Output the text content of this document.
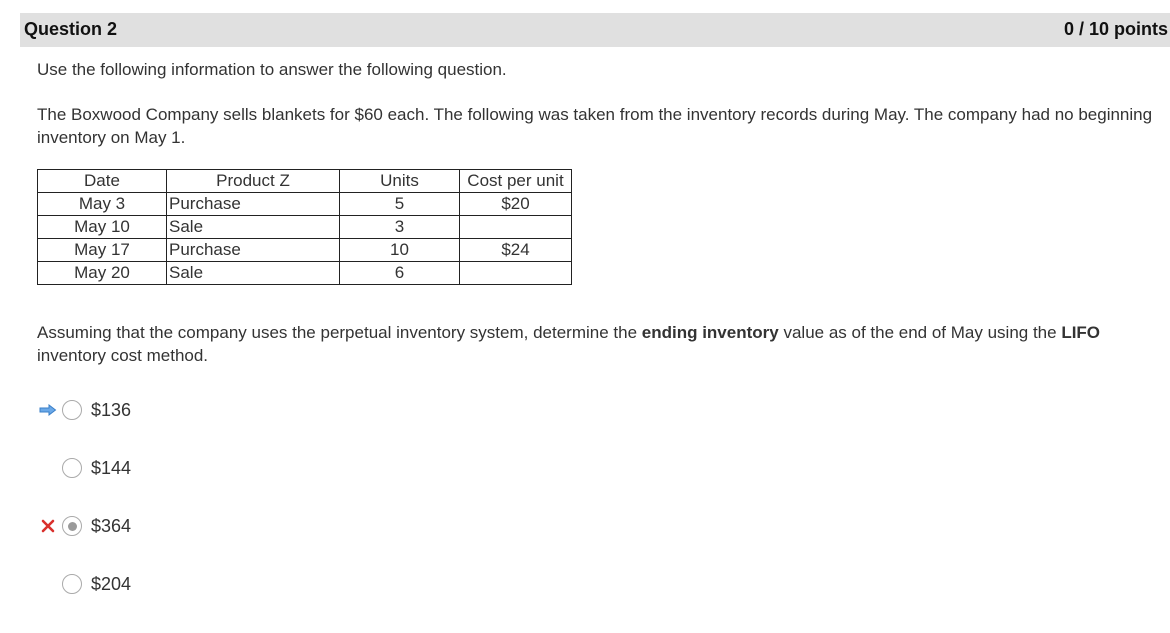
Question 2	0 / 10 points
Use the following information to answer the following question.
The Boxwood Company sells blankets for $60 each. The following was taken from the inventory records during May. The company had no beginning inventory on May 1.
Date	Product Z	Units	Cost per unit
May 3	Purchase	5	$20
May 10	Sale	3	
May 17	Purchase	10	$24
May 20	Sale	6	
Assuming that the company uses the perpetual inventory system, determine the ending inventory value as of the end of May using the LIFO inventory cost method.
$136
$144
$364
$204
